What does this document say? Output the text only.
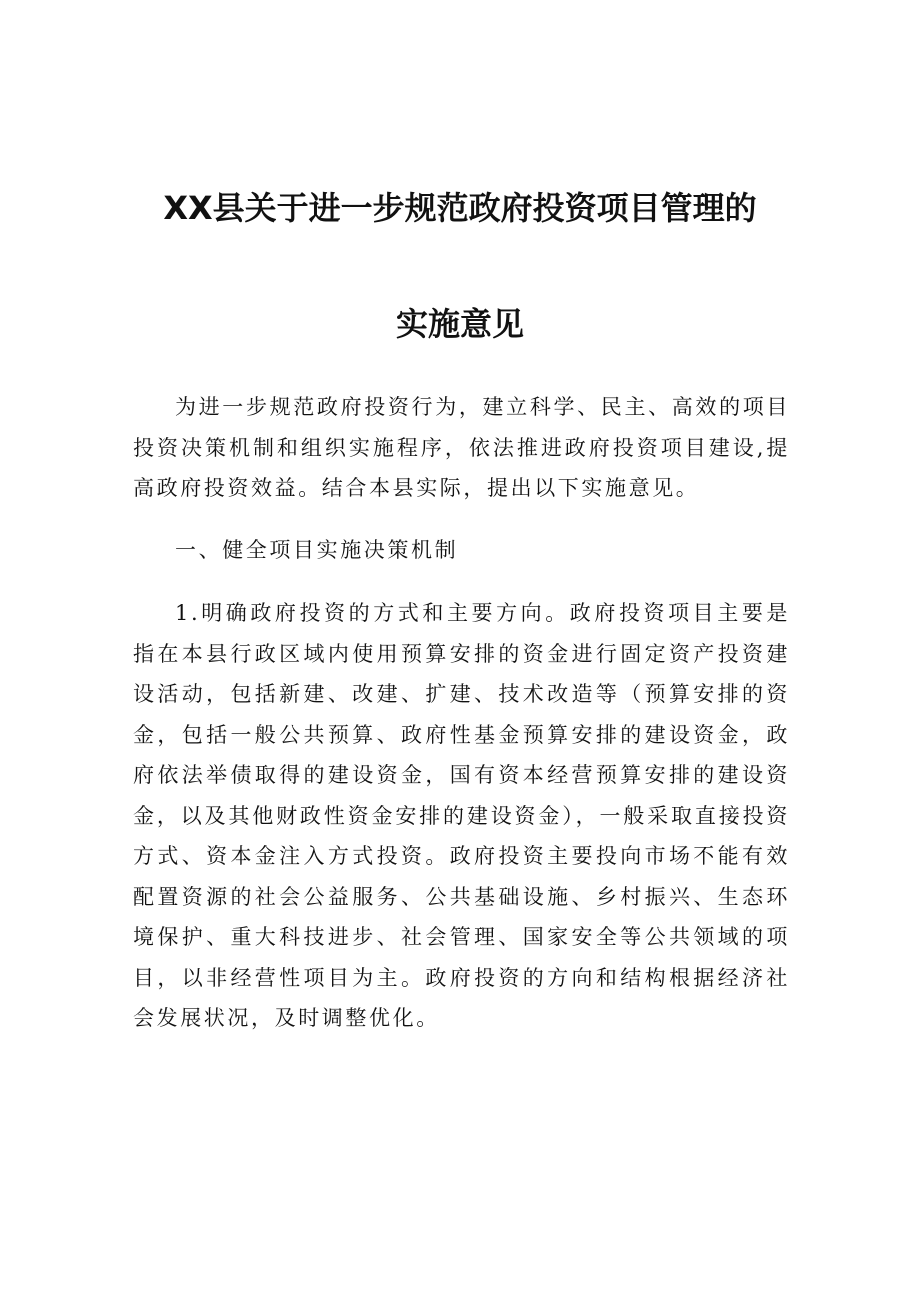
XX县关于进一步规范政府投资项目管理的
实施意见

为进一步规范政府投资行为，建立科学、民主、高效的项目投资决策机制和组织实施程序，依法推进政府投资项目建设,提高政府投资效益。结合本县实际，提出以下实施意见。

一、健全项目实施决策机制

1.明确政府投资的方式和主要方向。政府投资项目主要是指在本县行政区域内使用预算安排的资金进行固定资产投资建设活动，包括新建、改建、扩建、技术改造等（预算安排的资金，包括一般公共预算、政府性基金预算安排的建设资金，政府依法举债取得的建设资金，国有资本经营预算安排的建设资金，以及其他财政性资金安排的建设资金），一般采取直接投资方式、资本金注入方式投资。政府投资主要投向市场不能有效配置资源的社会公益服务、公共基础设施、乡村振兴、生态环境保护、重大科技进步、社会管理、国家安全等公共领域的项目，以非经营性项目为主。政府投资的方向和结构根据经济社会发展状况，及时调整优化。
